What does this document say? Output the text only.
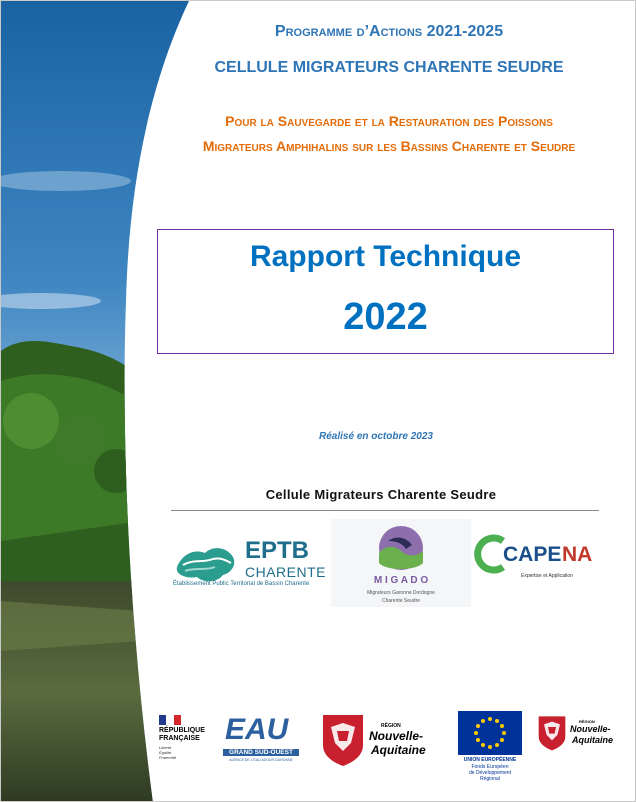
Programme d’Actions 2021-2025
CELLULE MIGRATEURS CHARENTE SEUDRE
Pour la Sauvegarde et la Restauration des Poissons
Migrateurs Amphihalins sur les Bassins Charente et Seudre
Rapport Technique
2022
Réalisé en octobre 2023
Cellule Migrateurs Charente Seudre
EPTB
CHARENTE
Établissement Public Territorial de Bassin Charente	M I G A D O
Migrateurs Garonne Dordogne
Charente Seudre
CAPE NA
Expertise et Application
RÉPUBLIQUE
FRANÇAISE
Liberté
Égalité
Fraternité
EAU
GRAND SUD-OUEST
AGENCE DE L'EAU ADOUR-GARONNE
RÉGION
Nouvelle-
Aquitaine
UNION EUROPÉENNE
Fonds Européen
de Développement
Régional
RÉGION
Nouvelle-
Aquitaine
